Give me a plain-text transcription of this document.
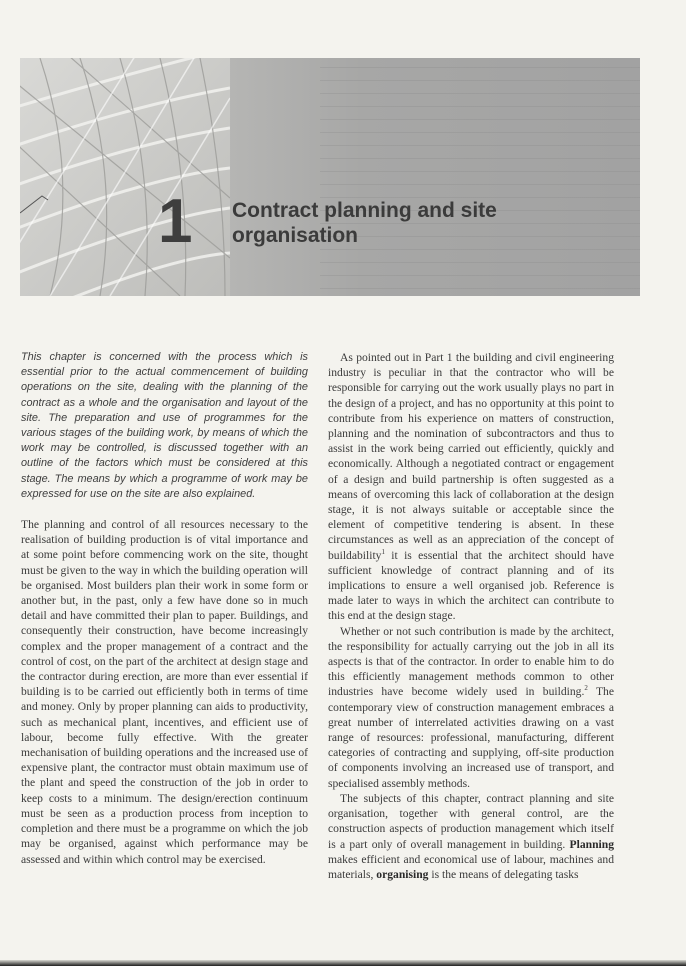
1 Contract planning and site organisation

This chapter is concerned with the process which is essential prior to the actual commencement of building operations on the site, dealing with the planning of the contract as a whole and the organisation and layout of the site. The preparation and use of programmes for the various stages of the building work, by means of which the work may be controlled, is discussed together with an outline of the factors which must be considered at this stage. The means by which a programme of work may be expressed for use on the site are also explained.

The planning and control of all resources necessary to the realisation of building production is of vital importance and at some point before commencing work on the site, thought must be given to the way in which the building operation will be organised. Most builders plan their work in some form or another but, in the past, only a few have done so in much detail and have committed their plan to paper. Buildings, and consequently their construction, have become increasingly complex and the proper management of a contract and the control of cost, on the part of the architect at design stage and the contractor during erection, are more than ever essential if building is to be carried out efficiently both in terms of time and money. Only by proper planning can aids to productivity, such as mechanical plant, incentives, and efficient use of labour, become fully effective. With the greater mechanisation of building operations and the increased use of expensive plant, the contractor must obtain maximum use of the plant and speed the construction of the job in order to keep costs to a minimum. The design/erection continuum must be seen as a production process from inception to completion and there must be a programme on which the job may be organised, against which performance may be assessed and within which control may be exercised.

As pointed out in Part 1 the building and civil engineering industry is peculiar in that the contractor who will be responsible for carrying out the work usually plays no part in the design of a project, and has no opportunity at this point to contribute from his experience on matters of construction, planning and the nomination of subcontractors and thus to assist in the work being carried out efficiently, quickly and economically. Although a negotiated contract or engagement of a design and build partnership is often suggested as a means of overcoming this lack of collaboration at the design stage, it is not always suitable or acceptable since the element of competitive tendering is absent. In these circumstances as well as an appreciation of the concept of buildability$^1$ it is essential that the architect should have sufficient knowledge of contract planning and of its implications to ensure a well organised job. Reference is made later to ways in which the architect can contribute to this end at the design stage.

Whether or not such contribution is made by the architect, the responsibility for actually carrying out the job in all its aspects is that of the contractor. In order to enable him to do this efficiently management methods common to other industries have become widely used in building.$^2$ The contemporary view of construction management embraces a great number of interrelated activities drawing on a vast range of resources: professional, manufacturing, different categories of contracting and supplying, off-site production of components involving an increased use of transport, and specialised assembly methods.

The subjects of this chapter, contract planning and site organisation, together with general control, are the construction aspects of production management which itself is a part only of overall management in building. Planning makes efficient and economical use of labour, machines and materials, organising is the means of delegating tasks
